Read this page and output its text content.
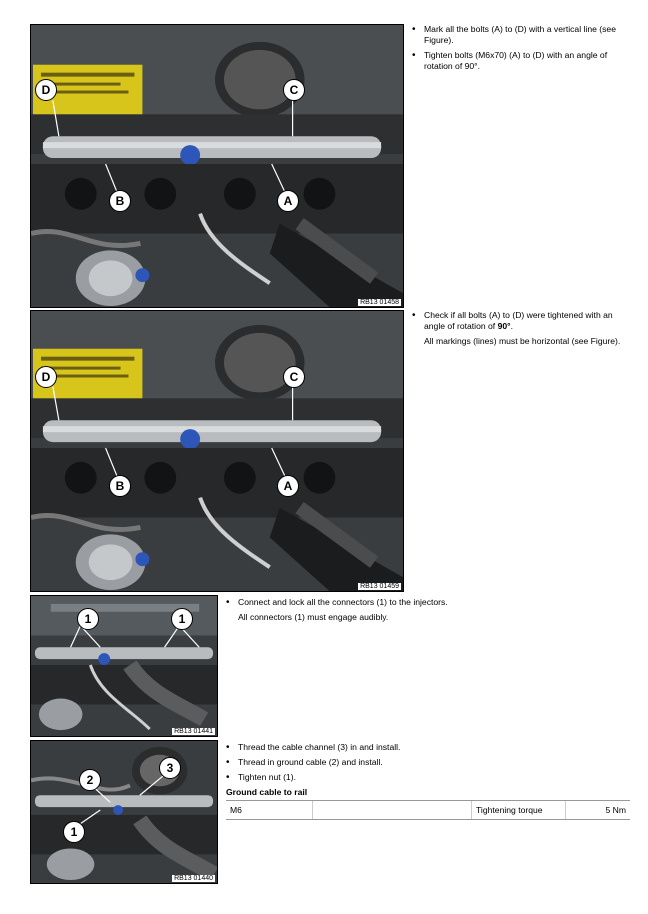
D	C
B	A
RB13 01458
• Mark all the bolts (A) to (D) with a vertical line (see Figure).
• Tighten bolts (M6x70) (A) to (D) with an angle of rotation of 90°.
D	C
B	A
RB13 01459
• Check if all bolts (A) to (D) were tightened with an angle of rotation of 90°.
All markings (lines) must be horizontal (see Figure).
1	1
RB13 01441
• Connect and lock all the connectors (1) to the injectors.
All connectors (1) must engage audibly.
2
3
1
RB13 01440
• Thread the cable channel (3) in and install.
• Thread in ground cable (2) and install.
• Tighten nut (1).
Ground cable to rail
M6		Tightening torque	5 Nm
